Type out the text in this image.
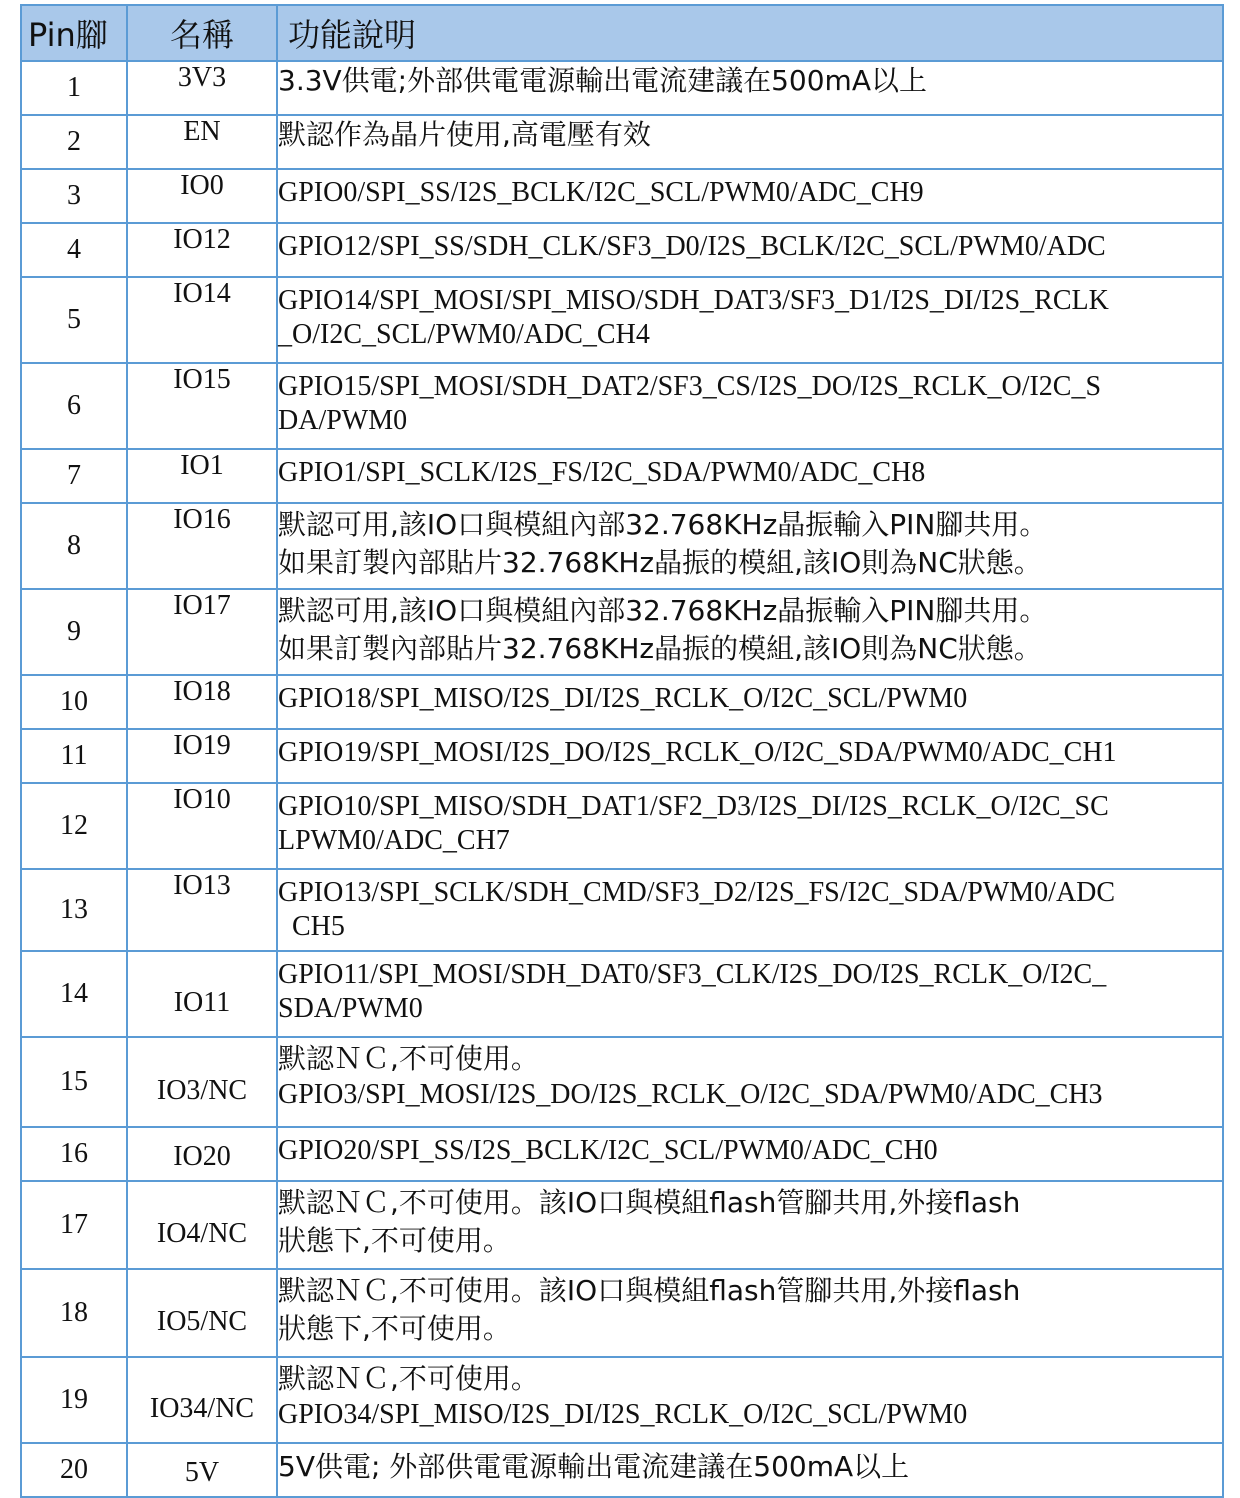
Pin腳	名稱	功能說明
1	3V3	3.3V供電;外部供電電源輸出電流建議在500mA以上

2	EN	默認作為晶片使用,高電壓有效

3	IO0	GPIO0/SPI_SS/I2S_BCLK/I2C_SCL/PWM0/ADC_CH9

4	IO12	GPIO12/SPI_SS/SDH_CLK/SF3_D0/I2S_BCLK/I2C_SCL/PWM0/ADC

5	IO14	GPIO14/SPI_MOSI/SPI_MISO/SDH_DAT3/SF3_D1/I2S_DI/I2S_RCLK
_O/I2C_SCL/PWM0/ADC_CH4

6	IO15	GPIO15/SPI_MOSI/SDH_DAT2/SF3_CS/I2S_DO/I2S_RCLK_O/I2C_S
DA/PWM0

7	IO1	GPIO1/SPI_SCLK/I2S_FS/I2C_SDA/PWM0/ADC_CH8

8	IO16	默認可用,該IO口與模組內部32.768KHz晶振輸入PIN腳共用。
如果訂製內部貼片32.768KHz晶振的模組,該IO則為NC狀態。

9	IO17	默認可用,該IO口與模組內部32.768KHz晶振輸入PIN腳共用。
如果訂製內部貼片32.768KHz晶振的模組,該IO則為NC狀態。

10	IO18	GPIO18/SPI_MISO/I2S_DI/I2S_RCLK_O/I2C_SCL/PWM0

11	IO19	GPIO19/SPI_MOSI/I2S_DO/I2S_RCLK_O/I2C_SDA/PWM0/ADC_CH1

12	IO10	GPIO10/SPI_MISO/SDH_DAT1/SF2_D3/I2S_DI/I2S_RCLK_O/I2C_SC
LPWM0/ADC_CH7

13	IO13	GPIO13/SPI_SCLK/SDH_CMD/SF3_D2/I2S_FS/I2C_SDA/PWM0/ADC
CH5

14	IO11	GPIO11/SPI_MOSI/SDH_DAT0/SF3_CLK/I2S_DO/I2S_RCLK_O/I2C_
SDA/PWM0

15	IO3/NC	默認ＮＣ,不可使用。
GPIO3/SPI_MOSI/I2S_DO/I2S_RCLK_O/I2C_SDA/PWM0/ADC_CH3

16	IO20	GPIO20/SPI_SS/I2S_BCLK/I2C_SCL/PWM0/ADC_CH0

17	IO4/NC	默認ＮＣ,不可使用。該IO口與模組flash管腳共用,外接flash
狀態下,不可使用。

18	IO5/NC	默認ＮＣ,不可使用。該IO口與模組flash管腳共用,外接flash
狀態下,不可使用。

19	IO34/NC	默認ＮＣ,不可使用。
GPIO34/SPI_MISO/I2S_DI/I2S_RCLK_O/I2C_SCL/PWM0

20	5V	5V供電; 外部供電電源輸出電流建議在500mA以上
